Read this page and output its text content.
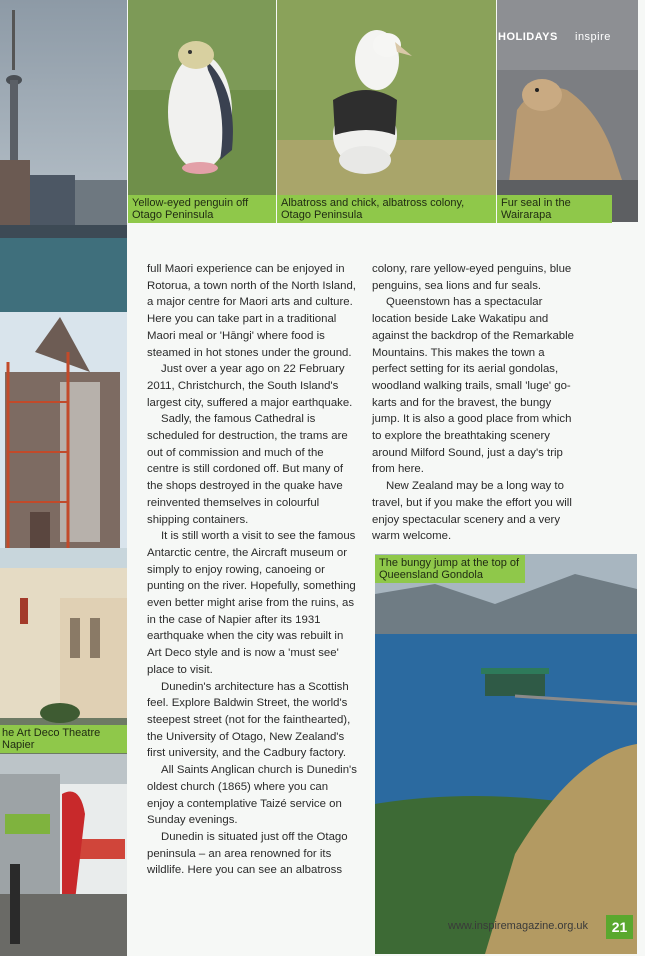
he Art Deco Theatre Napier
Yellow-eyed penguin off Otago Peninsula
Albatross and chick, albatross colony, Otago Peninsula
HOLIDAYS inspire
Fur seal in the Wairarapa

full Maori experience can be enjoyed in Rotorua, a town north of the North Island, a major centre for Maori arts and culture. Here you can take part in a traditional Maori meal or 'Hāngi' where food is steamed in hot stones under the ground.

Just over a year ago on 22 February 2011, Christchurch, the South Island's largest city, suffered a major earthquake.

Sadly, the famous Cathedral is scheduled for destruction, the trams are out of commission and much of the centre is still cordoned off. But many of the shops destroyed in the quake have reinvented themselves in colourful shipping containers.

It is still worth a visit to see the famous Antarctic centre, the Aircraft museum or simply to enjoy rowing, canoeing or punting on the river. Hopefully, something even better might arise from the ruins, as in the case of Napier after its 1931 earthquake when the city was rebuilt in Art Deco style and is now a 'must see' place to visit.

Dunedin's architecture has a Scottish feel. Explore Baldwin Street, the world's steepest street (not for the fainthearted), the University of Otago, New Zealand's first university, and the Cadbury factory.

All Saints Anglican church is Dunedin's oldest church (1865) where you can enjoy a contemplative Taizé service on Sunday evenings.

Dunedin is situated just off the Otago peninsula – an area renowned for its wildlife. Here you can see an albatross

colony, rare yellow-eyed penguins, blue penguins, sea lions and fur seals.

Queenstown has a spectacular location beside Lake Wakatipu and against the backdrop of the Remarkable Mountains. This makes the town a perfect setting for its aerial gondolas, woodland walking trails, small 'luge' go-karts and for the bravest, the bungy jump. It is also a good place from which to explore the breathtaking scenery around Milford Sound, just a day's trip from here.

New Zealand may be a long way to travel, but if you make the effort you will enjoy spectacular scenery and a very warm welcome.

The bungy jump at the top of Queensland Gondola
www.inspiremagazine.org.uk	21
